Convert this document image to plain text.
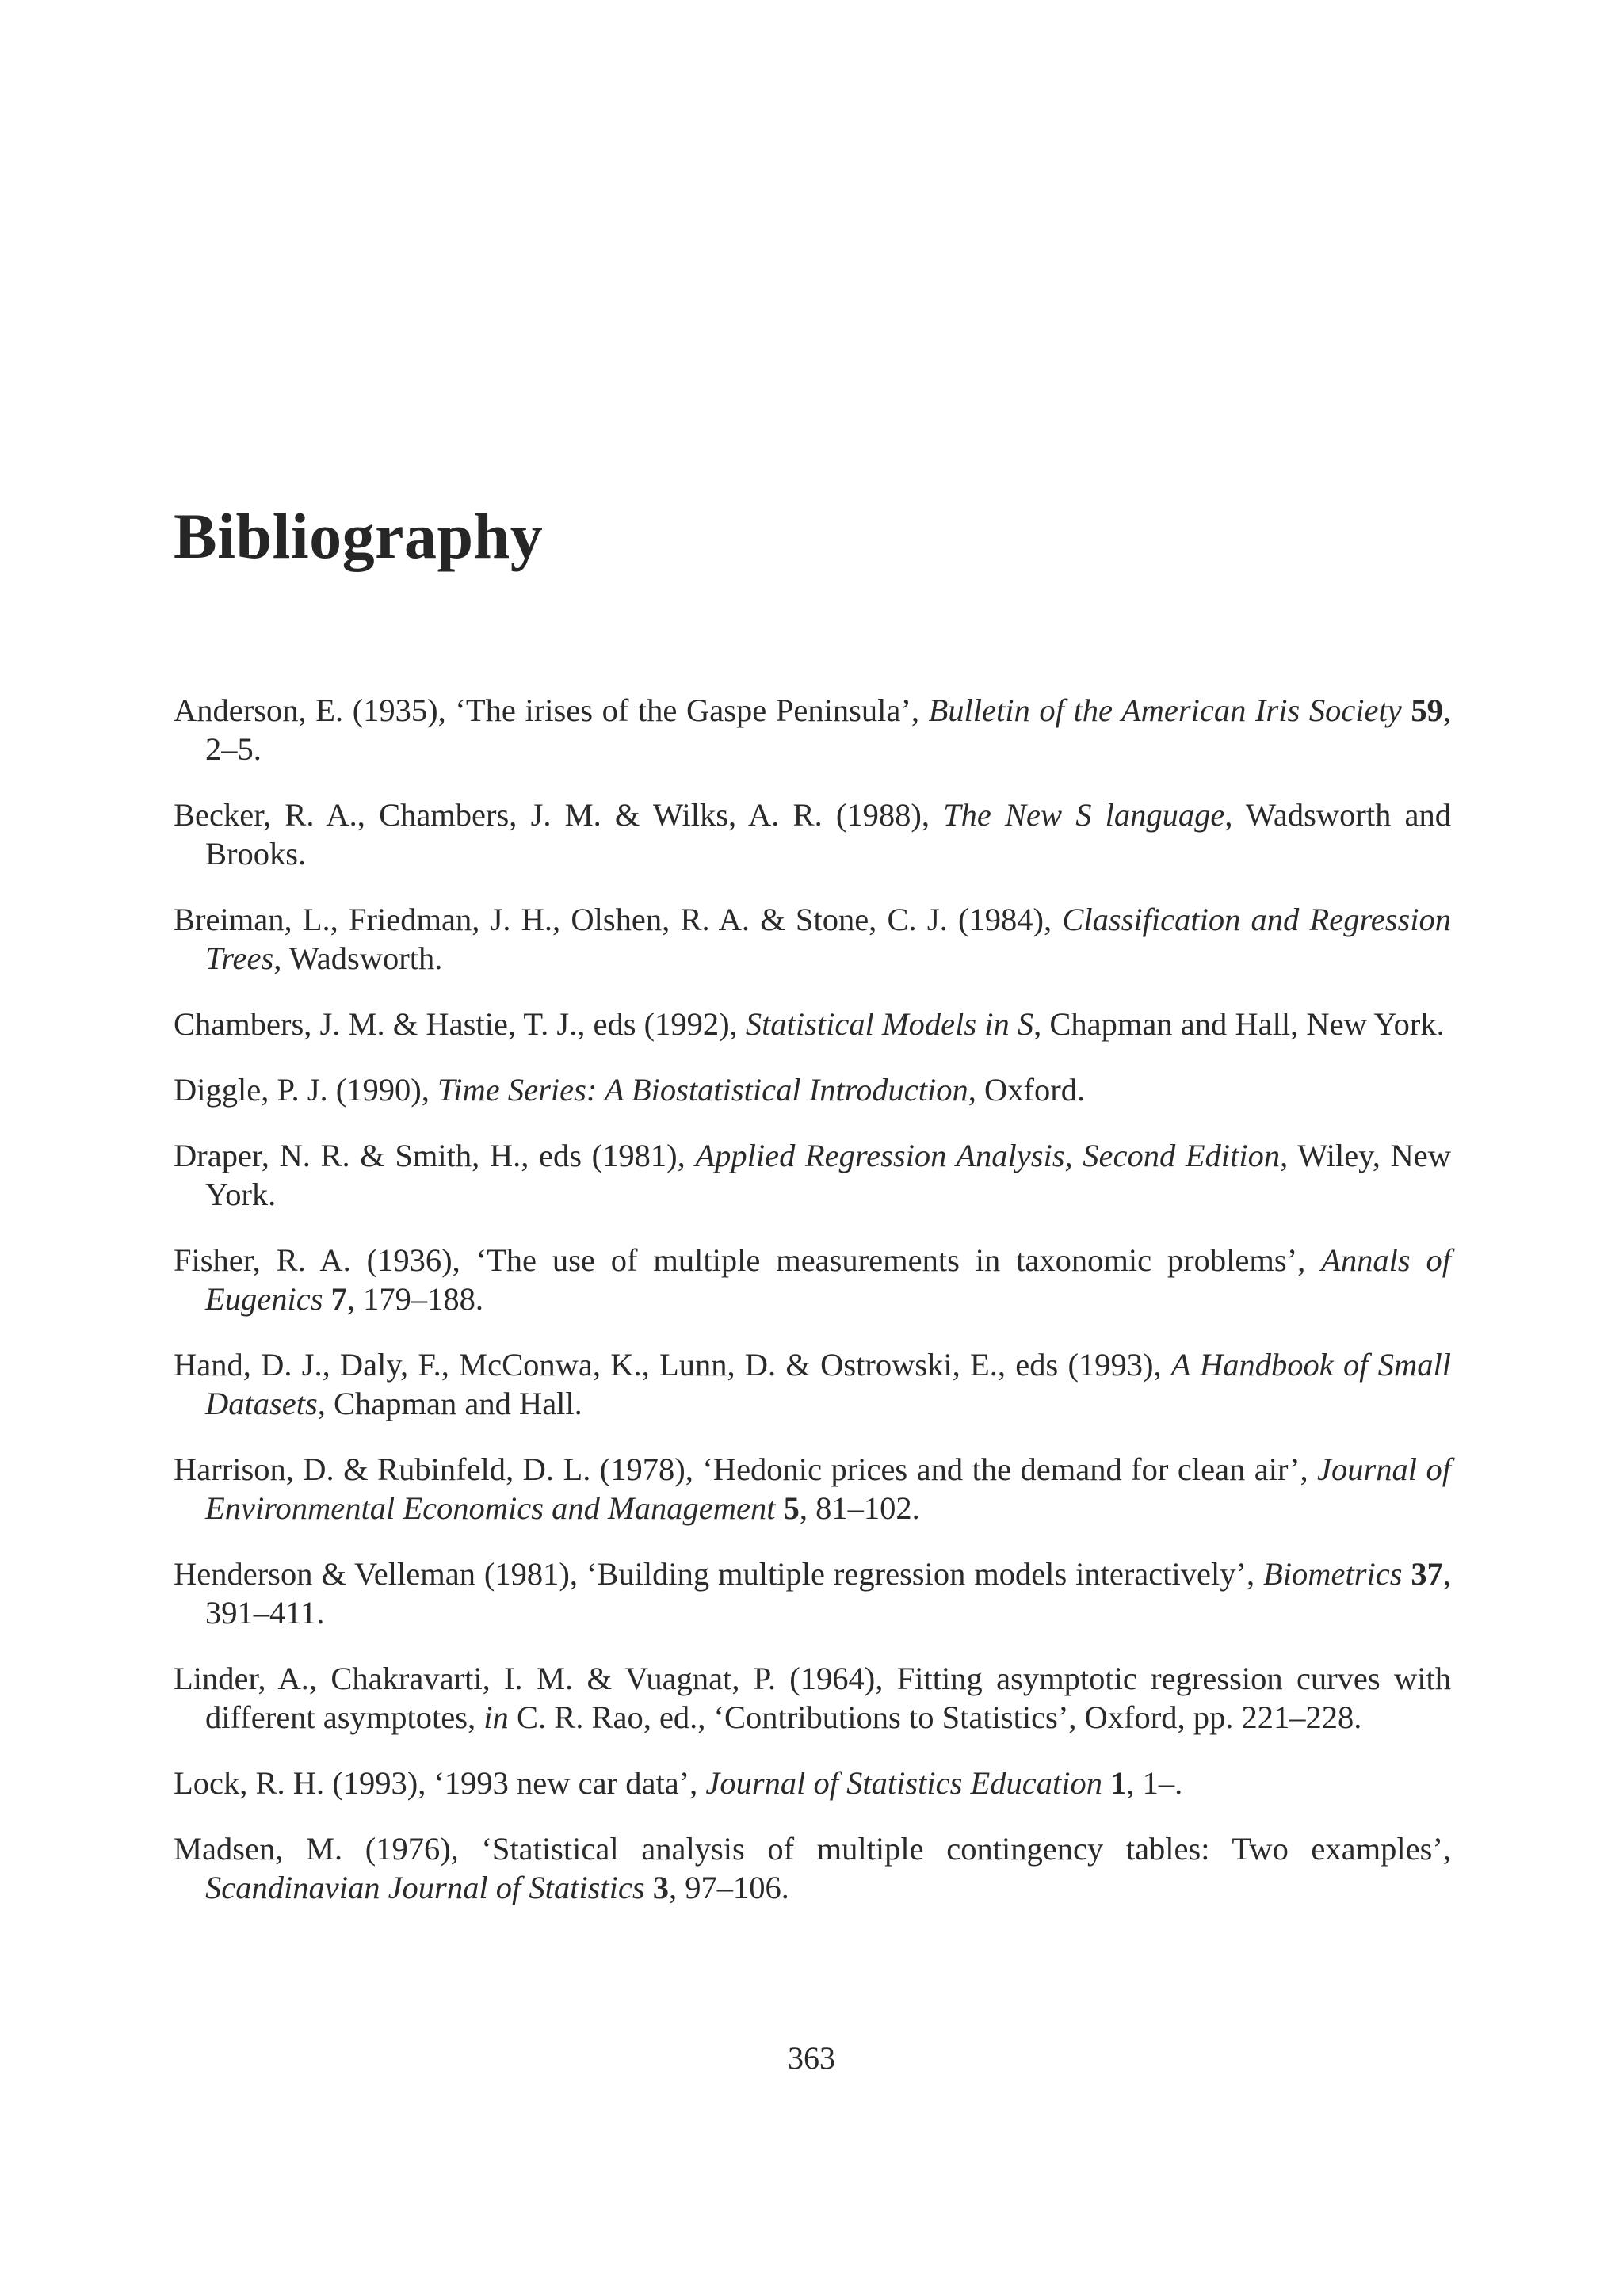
Bibliography
Anderson, E. (1935), ‘The irises of the Gaspe Peninsula’, Bulletin of the American Iris Society 59, 2–5.
Becker, R. A., Chambers, J. M. & Wilks, A. R. (1988), The New S language, Wadsworth and Brooks.
Breiman, L., Friedman, J. H., Olshen, R. A. & Stone, C. J. (1984), Classification and Regression Trees, Wadsworth.
Chambers, J. M. & Hastie, T. J., eds (1992), Statistical Models in S, Chapman and Hall, New York.
Diggle, P. J. (1990), Time Series: A Biostatistical Introduction, Oxford.
Draper, N. R. & Smith, H., eds (1981), Applied Regression Analysis, Second Edition, Wiley, New York.
Fisher, R. A. (1936), ‘The use of multiple measurements in taxonomic problems’, Annals of Eugenics 7, 179–188.
Hand, D. J., Daly, F., McConwa, K., Lunn, D. & Ostrowski, E., eds (1993), A Handbook of Small Datasets, Chapman and Hall.
Harrison, D. & Rubinfeld, D. L. (1978), ‘Hedonic prices and the demand for clean air’, Journal of Environmental Economics and Management 5, 81–102.
Henderson & Velleman (1981), ‘Building multiple regression models interactively’, Biometrics 37, 391–411.
Linder, A., Chakravarti, I. M. & Vuagnat, P. (1964), Fitting asymptotic regression curves with different asymptotes, in C. R. Rao, ed., ‘Contributions to Statistics’, Oxford, pp. 221–228.
Lock, R. H. (1993), ‘1993 new car data’, Journal of Statistics Education 1, 1–.
Madsen, M. (1976), ‘Statistical analysis of multiple contingency tables: Two examples’, Scandinavian Journal of Statistics 3, 97–106.
363
